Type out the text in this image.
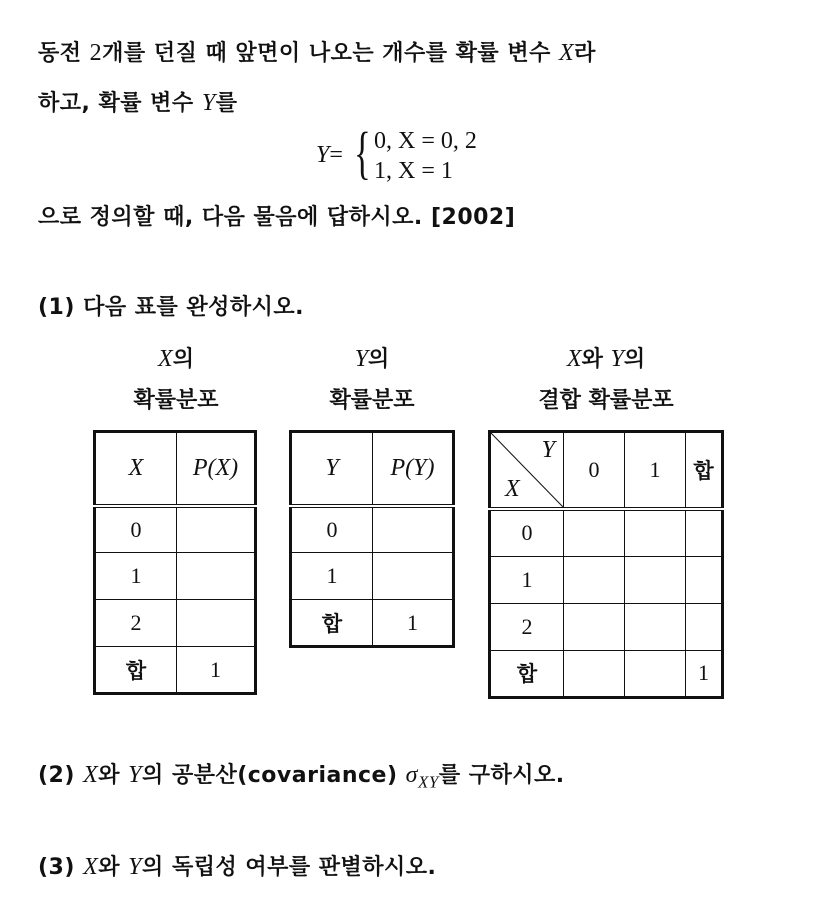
동전 2개를 던질 때 앞면이 나오는 개수를 확률 변수 X라
하고, 확률 변수 Y를
Y= { 0, X = 0, 2
1, X = 1
으로 정의할 때, 다음 물음에 답하시오. [2002]
(1) 다음 표를 완성하시오.
X의
확률분포
Y의
확률분포
X와 Y의
결합 확률분포
X	P(X)
0	
1	
2	
합	1
Y	P(Y)
0	
1	
합	1
Y
X	0	1	합
0			
1			
2			
합			1
(2) X와 Y의 공분산(covariance) $\sigma_{XY}$를 구하시오.
(3) X와 Y의 독립성 여부를 판별하시오.
